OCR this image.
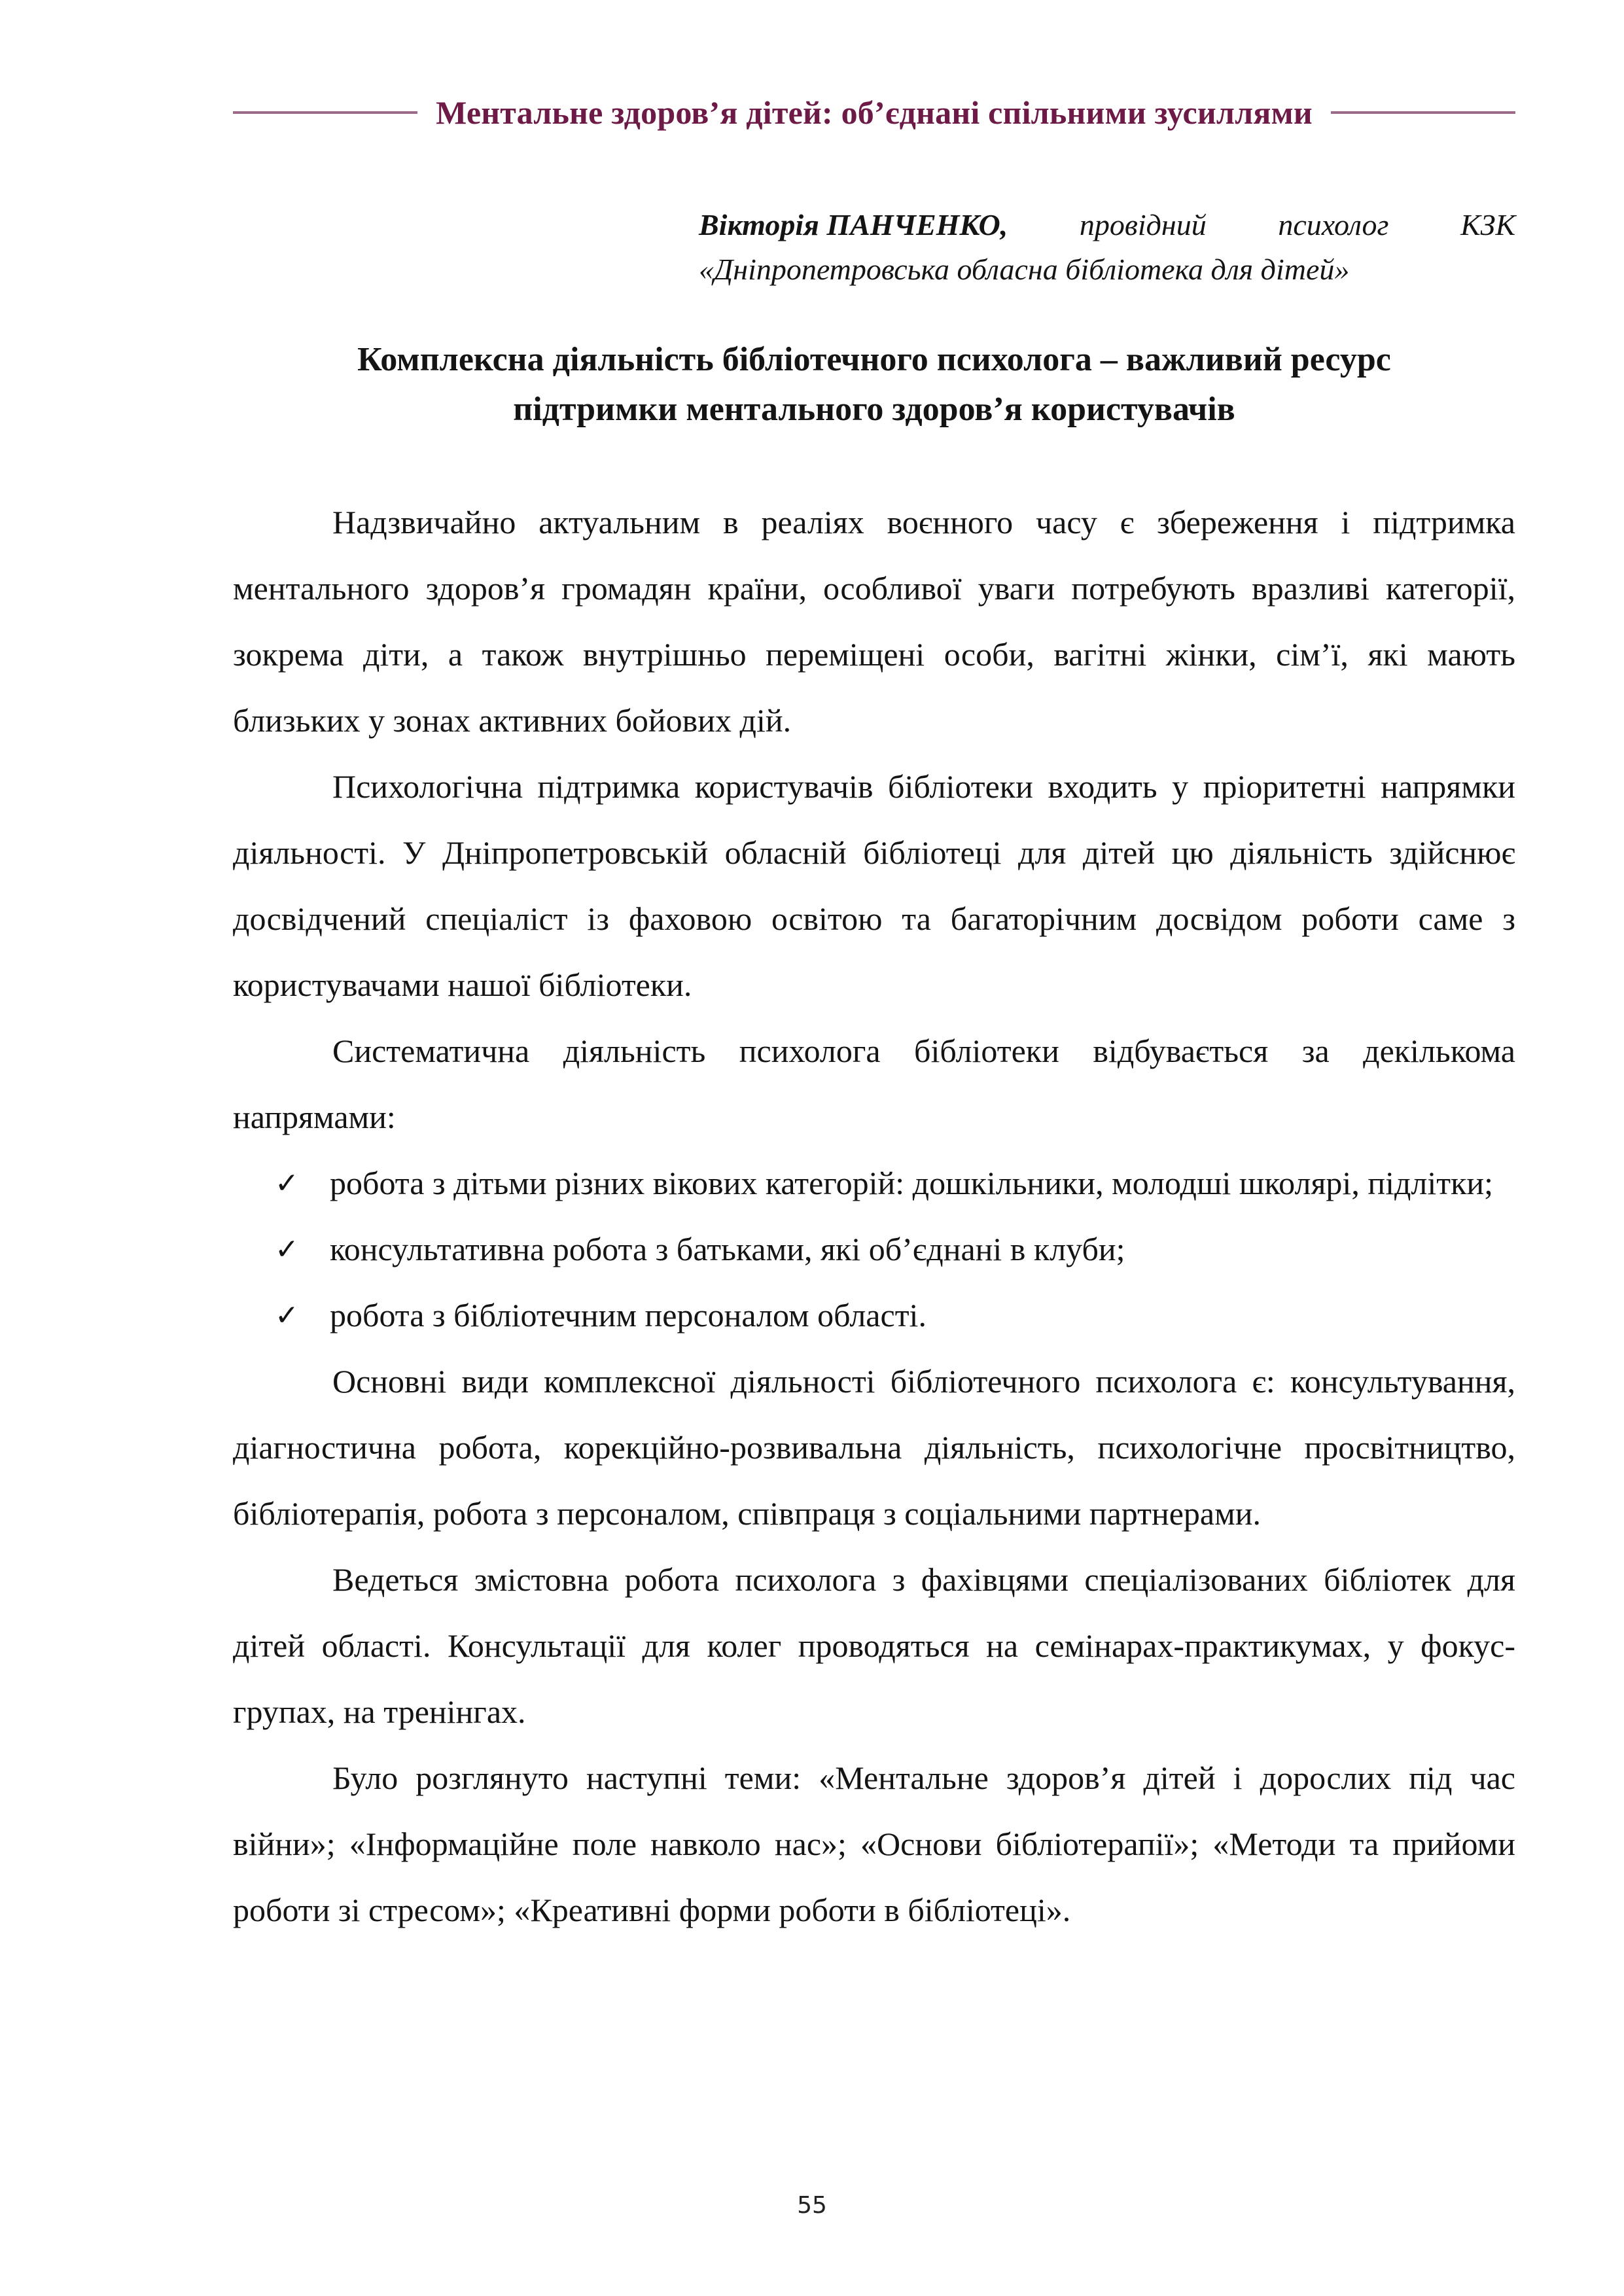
Ментальне здоров’я дітей: об’єднані спільними зусиллями
Вікторія ПАНЧЕНКО, провідний психолог КЗК
«Дніпропетровська обласна бібліотека для дітей»
Комплексна діяльність бібліотечного психолога – важливий ресурс
підтримки ментального здоров’я користувачів

Надзвичайно актуальним в реаліях воєнного часу є збереження і підтримка ментального здоров’я громадян країни, особливої уваги потребують вразливі категорії, зокрема діти, а також внутрішньо переміщені особи, вагітні жінки, сім’ї, які мають близьких у зонах активних бойових дій.

Психологічна підтримка користувачів бібліотеки входить у пріоритетні напрямки діяльності. У Дніпропетровській обласній бібліотеці для дітей цю діяльність здійснює досвідчений спеціаліст із фаховою освітою та багаторічним досвідом роботи саме з користувачами нашої бібліотеки.

Систематична діяльність психолога бібліотеки відбувається за декількома напрямами:

✓ робота з дітьми різних вікових категорій: дошкільники, молодші школярі, підлітки;
✓ консультативна робота з батьками, які об’єднані в клуби;
✓ робота з бібліотечним персоналом області.

Основні види комплексної діяльності бібліотечного психолога є: консультування, діагностична робота, корекційно-розвивальна діяльність, психологічне просвітництво, бібліотерапія, робота з персоналом, співпраця з соціальними партнерами.

Ведеться змістовна робота психолога з фахівцями спеціалізованих бібліотек для дітей області. Консультації для колег проводяться на семінарах-практикумах, у фокус-групах, на тренінгах.

Було розглянуто наступні теми: «Ментальне здоров’я дітей і дорослих під час війни»; «Інформаційне поле навколо нас»; «Основи бібліотерапії»; «Методи та прийоми роботи зі стресом»; «Креативні форми роботи в бібліотеці».

55
